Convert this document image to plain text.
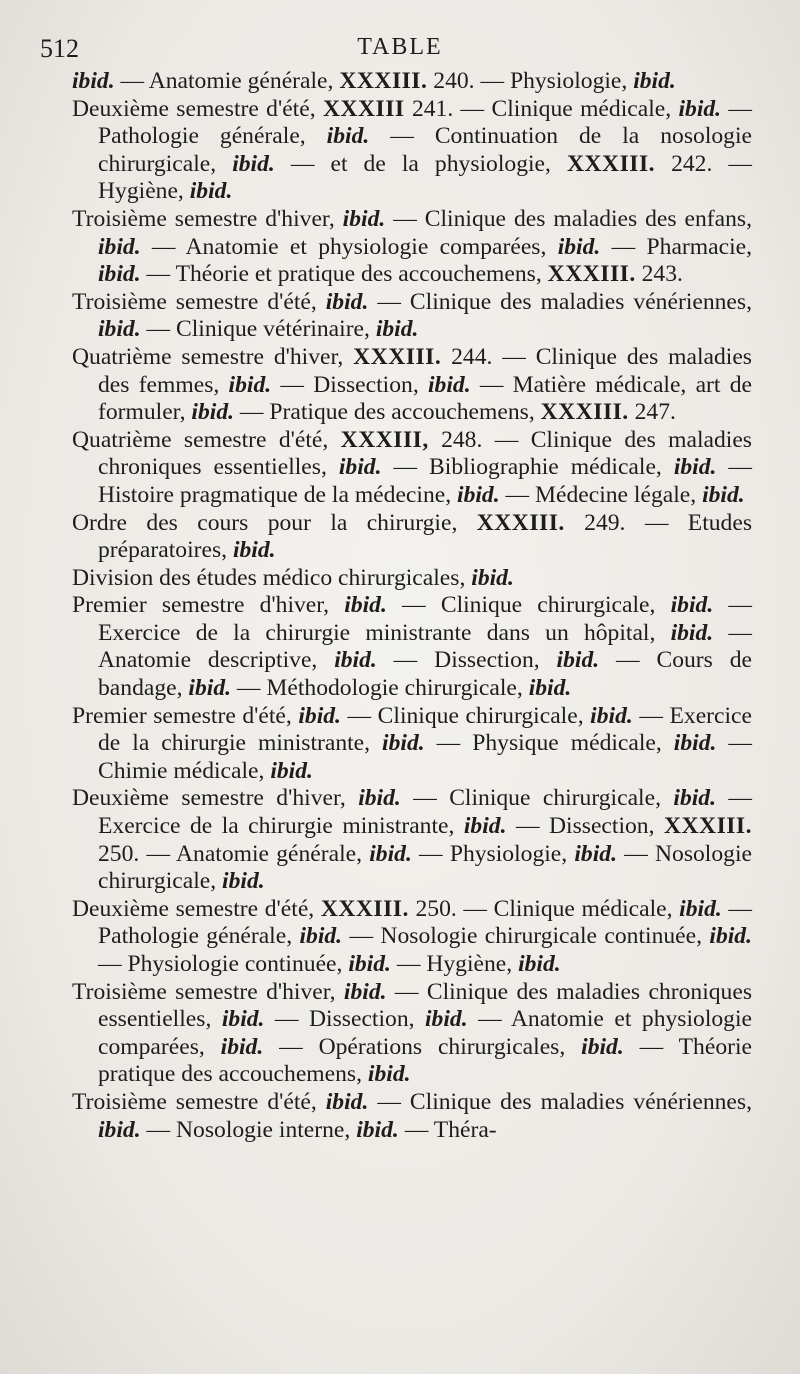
512	TABLE

ibid. — Anatomie générale, XXXIII. 240. — Physiologie, ibid.

Deuxième semestre d'été, XXXIII 241. — Clinique médicale, ibid. — Pathologie générale, ibid. — Continuation de la nosologie chirurgicale, ibid. — et de la physiologie, XXXIII. 242. — Hygiène, ibid.

Troisième semestre d'hiver, ibid. — Clinique des maladies des enfans, ibid. — Anatomie et physiologie comparées, ibid. — Pharmacie, ibid. — Théorie et pratique des accouchemens, XXXIII. 243.

Troisième semestre d'été, ibid. — Clinique des maladies vénériennes, ibid. — Clinique vétérinaire, ibid.

Quatrième semestre d'hiver, XXXIII. 244. — Clinique des maladies des femmes, ibid. — Dissection, ibid. — Matière médicale, art de formuler, ibid. — Pratique des accouchemens, XXXIII. 247.

Quatrième semestre d'été, XXXIII, 248. — Clinique des maladies chroniques essentielles, ibid. — Bibliographie médicale, ibid. — Histoire pragmatique de la médecine, ibid. — Médecine légale, ibid.

Ordre des cours pour la chirurgie, XXXIII. 249. — Etudes préparatoires, ibid.

Division des études médico chirurgicales, ibid.

Premier semestre d'hiver, ibid. — Clinique chirurgicale, ibid. — Exercice de la chirurgie ministrante dans un hôpital, ibid. — Anatomie descriptive, ibid. — Dissection, ibid. — Cours de bandage, ibid. — Méthodologie chirurgicale, ibid.

Premier semestre d'été, ibid. — Clinique chirurgicale, ibid. — Exercice de la chirurgie ministrante, ibid. — Physique médicale, ibid. — Chimie médicale, ibid.

Deuxième semestre d'hiver, ibid. — Clinique chirurgicale, ibid. — Exercice de la chirurgie ministrante, ibid. — Dissection, XXXIII. 250. — Anatomie générale, ibid. — Physiologie, ibid. — Nosologie chirurgicale, ibid.

Deuxième semestre d'été, XXXIII. 250. — Clinique médicale, ibid. — Pathologie générale, ibid. — Nosologie chirurgicale continuée, ibid. — Physiologie continuée, ibid. — Hygiène, ibid.

Troisième semestre d'hiver, ibid. — Clinique des maladies chroniques essentielles, ibid. — Dissection, ibid. — Anatomie et physiologie comparées, ibid. — Opérations chirurgicales, ibid. — Théorie pratique des accouchemens, ibid.

Troisième semestre d'été, ibid. — Clinique des maladies vénériennes, ibid. — Nosologie interne, ibid. — Théra-
